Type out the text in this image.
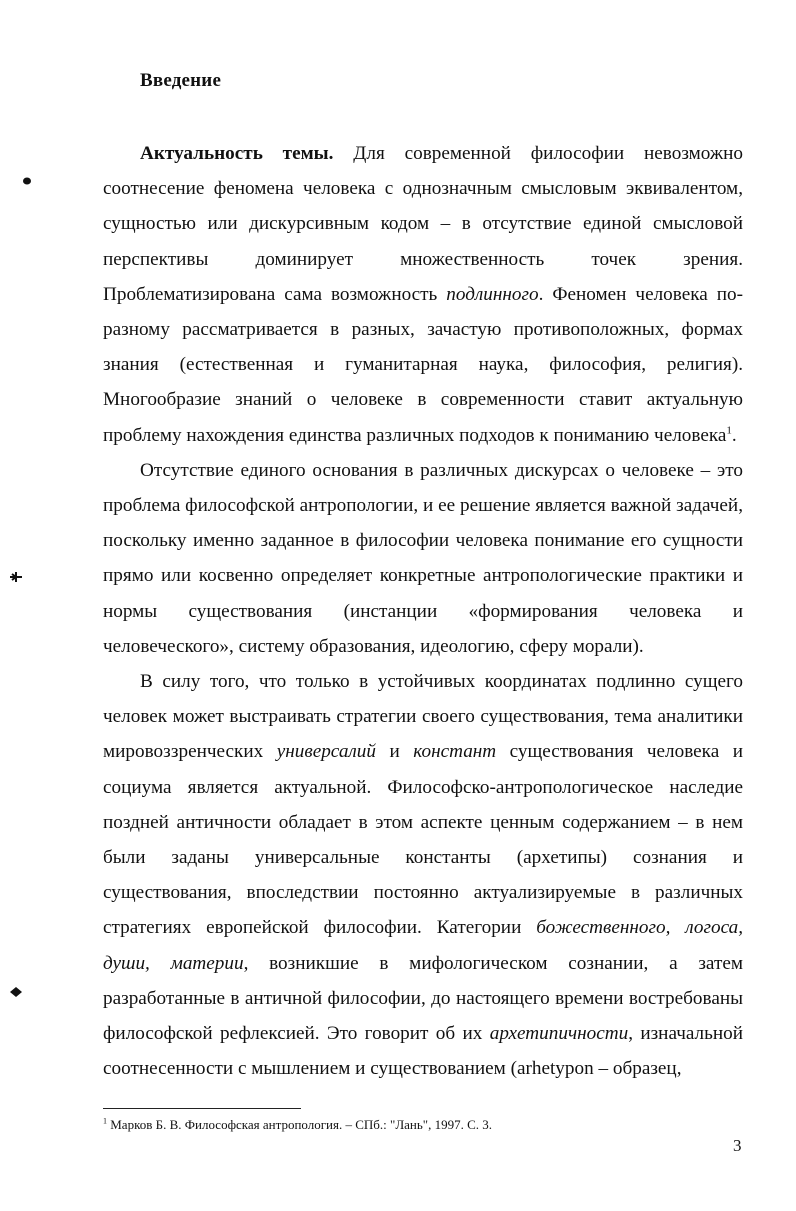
Введение

Актуальность темы. Для современной философии невозможно соотнесение феномена человека с однозначным смысловым эквивалентом, сущностью или дискурсивным кодом – в отсутствие единой смысловой перспективы доминирует множественность точек зрения. Проблематизирована сама возможность подлинного. Феномен человека по-разному рассматривается в разных, зачастую противоположных, формах знания (естественная и гуманитарная наука, философия, религия). Многообразие знаний о человеке в современности ставит актуальную проблему нахождения единства различных подходов к пониманию человека$^1$.

Отсутствие единого основания в различных дискурсах о человеке – это проблема философской антропологии, и ее решение является важной задачей, поскольку именно заданное в философии человека понимание его сущности прямо или косвенно определяет конкретные антропологические практики и нормы существования (инстанции «формирования человека и человеческого», систему образования, идеологию, сферу морали).

В силу того, что только в устойчивых координатах подлинно сущего человек может выстраивать стратегии своего существования, тема аналитики мировоззренческих универсалий и констант существования человека и социума является актуальной. Философско-антропологическое наследие поздней античности обладает в этом аспекте ценным содержанием – в нем были заданы универсальные константы (архетипы) сознания и существования, впоследствии постоянно актуализируемые в различных стратегиях европейской философии. Категории божественного, логоса, души, материи, возникшие в мифологическом сознании, а затем разработанные в античной философии, до настоящего времени востребованы философской рефлексией. Это говорит об их архетипичности, изначальной соотнесенности с мышлением и существованием (arhetypon – образец,

$^1$ Марков Б. В. Философская антропология. – СПб.: "Лань", 1997. С. 3.
3
